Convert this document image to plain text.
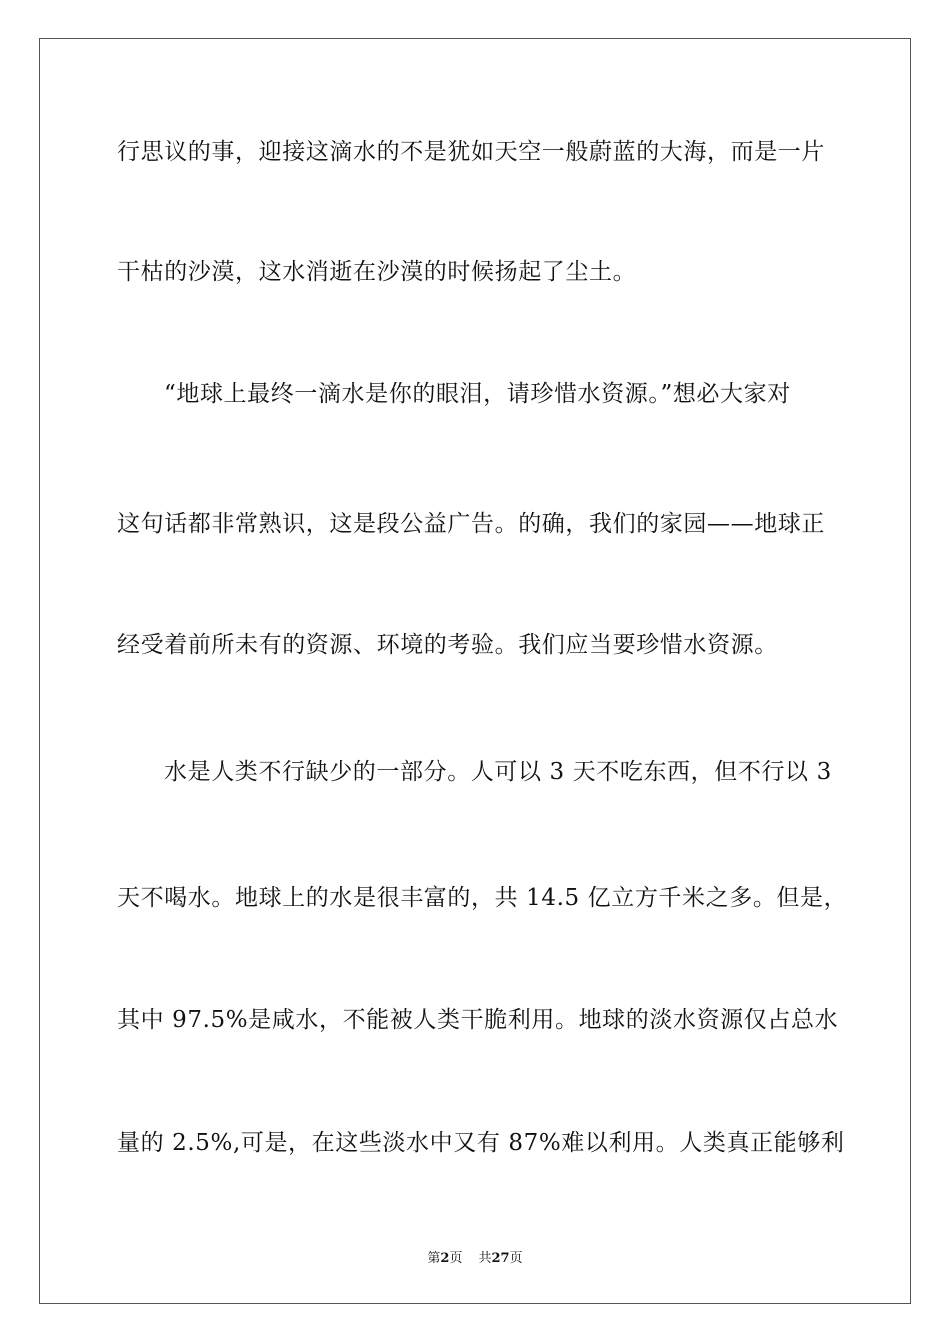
行思议的事，迎接这滴水的不是犹如天空一般蔚蓝的大海，而是一片
干枯的沙漠，这水消逝在沙漠的时候扬起了尘土。
“地球上最终一滴水是你的眼泪，请珍惜水资源。”想必大家对
这句话都非常熟识，这是段公益广告。的确，我们的家园——地球正
经受着前所未有的资源、环境的考验。我们应当要珍惜水资源。
水是人类不行缺少的一部分。人可以 3 天不吃东西，但不行以 3
天不喝水。地球上的水是很丰富的，共 14.5 亿立方千米之多。但是，
其中 97.5%是咸水，不能被人类干脆利用。地球的淡水资源仅占总水
量的 2.5%,可是，在这些淡水中又有 87%难以利用。人类真正能够利
第2页 共27页
